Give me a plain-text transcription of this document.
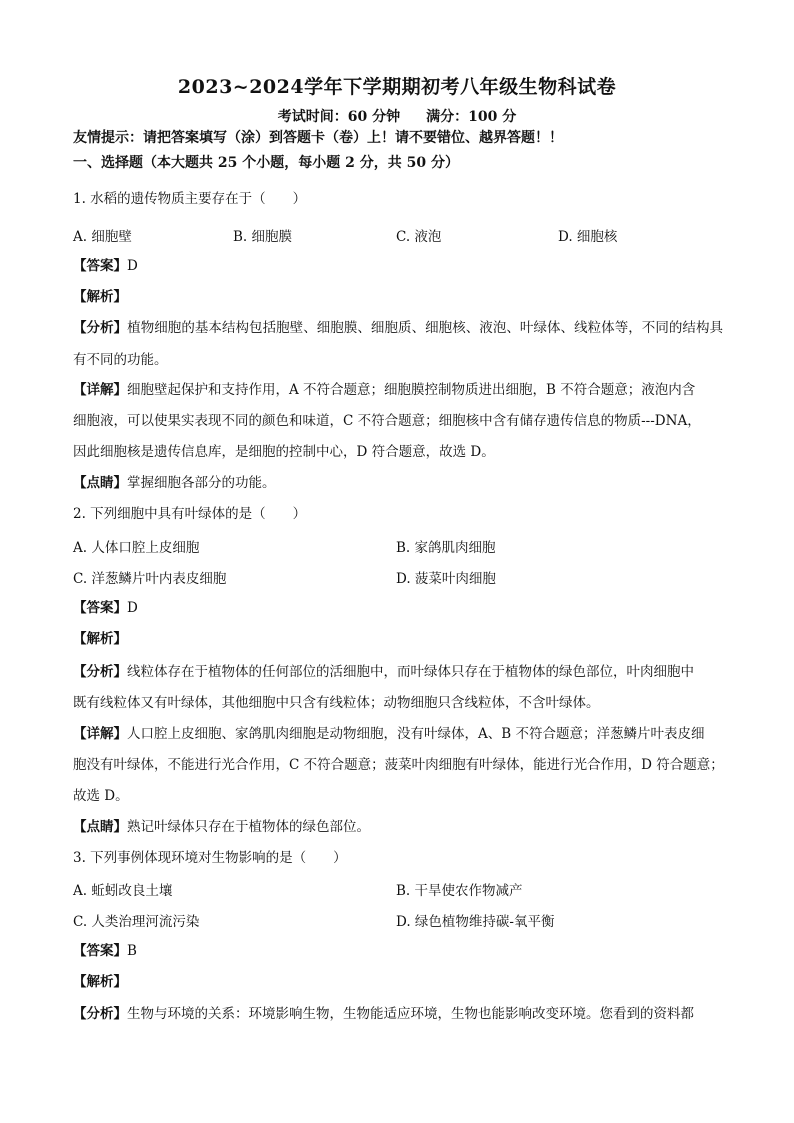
2023~2024学年下学期期初考八年级生物科试卷
考试时间：60 分钟 满分：100 分
友情提示：请把答案填写（涂）到答题卡（卷）上！请不要错位、越界答题！！
一、选择题（本大题共 25 个小题，每小题 2 分，共 50 分）
1. 水稻的遗传物质主要存在于（　　）
A. 细胞壁	B. 细胞膜	C. 液泡	D. 细胞核
【答案】D
【解析】
【分析】植物细胞的基本结构包括胞壁、细胞膜、细胞质、细胞核、液泡、叶绿体、线粒体等，不同的结构具有不同的功能。
【详解】细胞壁起保护和支持作用，A 不符合题意；细胞膜控制物质进出细胞，B 不符合题意；液泡内含
细胞液，可以使果实表现不同的颜色和味道，C 不符合题意；细胞核中含有储存遗传信息的物质---DNA，
因此细胞核是遗传信息库，是细胞的控制中心，D 符合题意，故选 D。
【点睛】掌握细胞各部分的功能。
2. 下列细胞中具有叶绿体的是（　　）
A. 人体口腔上皮细胞	B. 家鸽肌肉细胞
C. 洋葱鳞片叶内表皮细胞	D. 菠菜叶肉细胞
【答案】D
【解析】
【分析】线粒体存在于植物体的任何部位的活细胞中，而叶绿体只存在于植物体的绿色部位，叶肉细胞中
既有线粒体又有叶绿体，其他细胞中只含有线粒体；动物细胞只含线粒体，不含叶绿体。
【详解】人口腔上皮细胞、家鸽肌肉细胞是动物细胞，没有叶绿体，A、B 不符合题意；洋葱鳞片叶表皮细
胞没有叶绿体，不能进行光合作用，C 不符合题意；菠菜叶肉细胞有叶绿体，能进行光合作用，D 符合题意；
故选 D。
【点睛】熟记叶绿体只存在于植物体的绿色部位。
3. 下列事例体现环境对生物影响的是（　　）
A. 蚯蚓改良土壤	B. 干旱使农作物减产
C. 人类治理河流污染	D. 绿色植物维持碳-氧平衡
【答案】B
【解析】
【分析】生物与环境的关系：环境影响生物，生物能适应环境，生物也能影响改变环境。您看到的资料都
